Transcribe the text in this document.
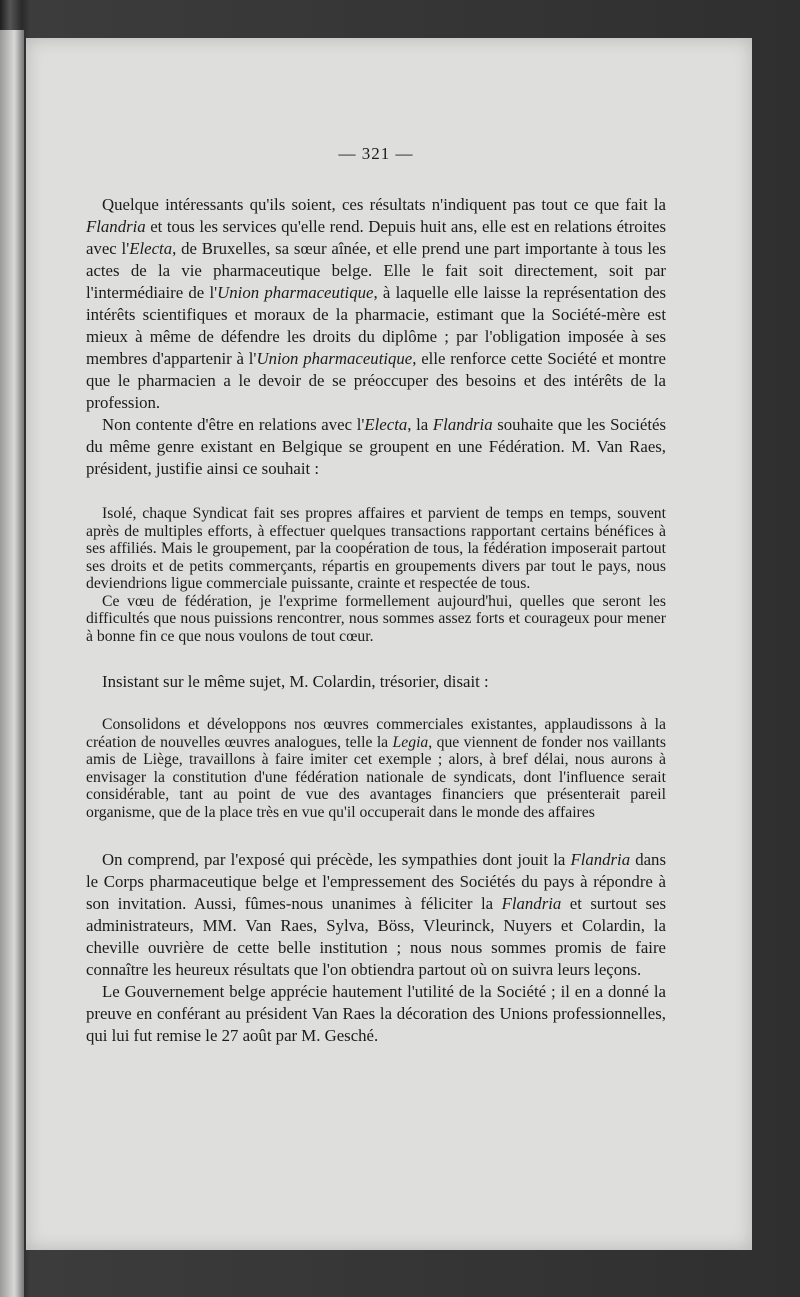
— 321 —

Quelque intéressants qu'ils soient, ces résultats n'indiquent pas tout ce que fait la Flandria et tous les services qu'elle rend. Depuis huit ans, elle est en relations étroites avec l'Electa, de Bruxelles, sa sœur aînée, et elle prend une part importante à tous les actes de la vie pharmaceutique belge. Elle le fait soit directement, soit par l'intermédiaire de l'Union pharmaceutique, à laquelle elle laisse la représentation des intérêts scientifiques et moraux de la pharmacie, estimant que la Société-mère est mieux à même de défendre les droits du diplôme ; par l'obligation imposée à ses membres d'appartenir à l'Union pharmaceutique, elle renforce cette Société et montre que le pharmacien a le devoir de se préoccuper des besoins et des intérêts de la profession.

Non contente d'être en relations avec l'Electa, la Flandria souhaite que les Sociétés du même genre existant en Belgique se groupent en une Fédération. M. Van Raes, président, justifie ainsi ce souhait :

Isolé, chaque Syndicat fait ses propres affaires et parvient de temps en temps, souvent après de multiples efforts, à effectuer quelques transactions rapportant certains bénéfices à ses affiliés. Mais le groupement, par la coopération de tous, la fédération imposerait partout ses droits et de petits commerçants, répartis en groupements divers par tout le pays, nous deviendrions ligue commerciale puissante, crainte et respectée de tous.

Ce vœu de fédération, je l'exprime formellement aujourd'hui, quelles que seront les difficultés que nous puissions rencontrer, nous sommes assez forts et courageux pour mener à bonne fin ce que nous voulons de tout cœur.

Insistant sur le même sujet, M. Colardin, trésorier, disait :

Consolidons et développons nos œuvres commerciales existantes, applaudissons à la création de nouvelles œuvres analogues, telle la Legia, que viennent de fonder nos vaillants amis de Liège, travaillons à faire imiter cet exemple ; alors, à bref délai, nous aurons à envisager la constitution d'une fédération nationale de syndicats, dont l'influence serait considérable, tant au point de vue des avantages financiers que présenterait pareil organisme, que de la place très en vue qu'il occuperait dans le monde des affaires

On comprend, par l'exposé qui précède, les sympathies dont jouit la Flandria dans le Corps pharmaceutique belge et l'empressement des Sociétés du pays à répondre à son invitation. Aussi, fûmes-nous unanimes à féliciter la Flandria et surtout ses administrateurs, MM. Van Raes, Sylva, Böss, Vleurinck, Nuyers et Colardin, la cheville ouvrière de cette belle institution ; nous nous sommes promis de faire connaître les heureux résultats que l'on obtiendra partout où on suivra leurs leçons.

Le Gouvernement belge apprécie hautement l'utilité de la Société ; il en a donné la preuve en conférant au président Van Raes la décoration des Unions professionnelles, qui lui fut remise le 27 août par M. Gesché.
